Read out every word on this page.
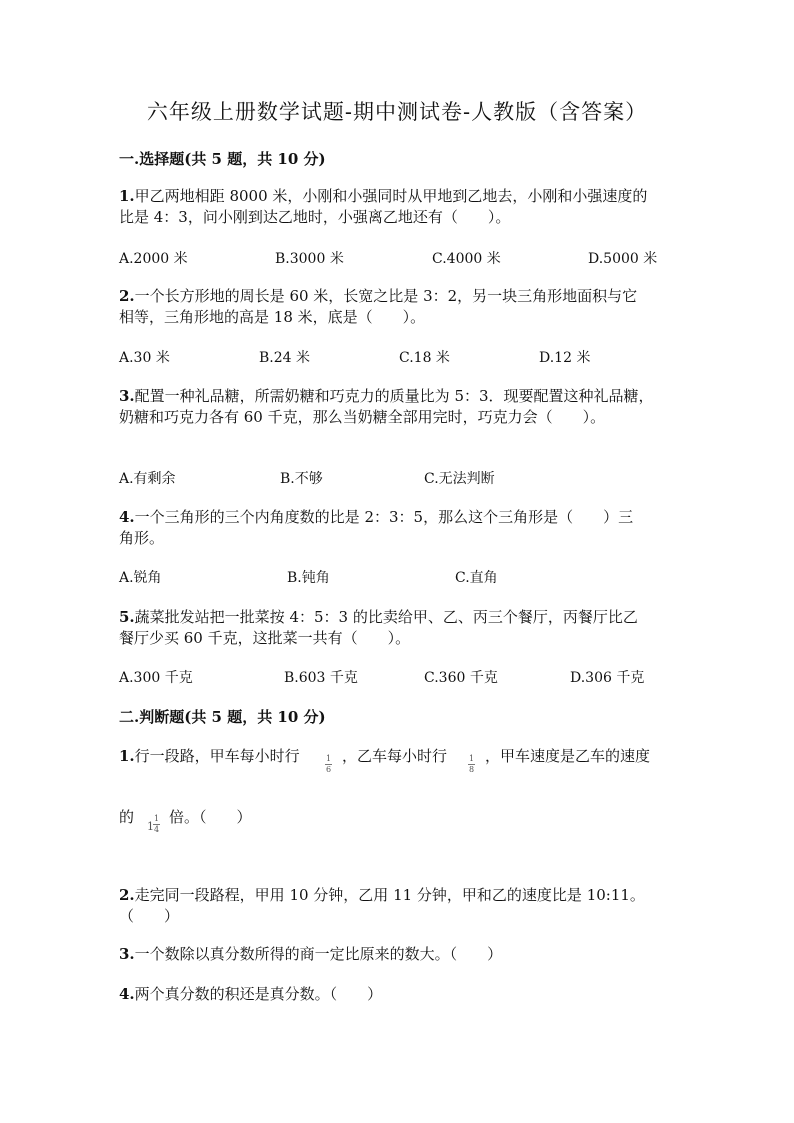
六年级上册数学试题-期中测试卷-人教版（含答案）
一.选择题(共 5 题，共 10 分)
1.甲乙两地相距 8000 米，小刚和小强同时从甲地到乙地去，小刚和小强速度的
比是 4：3，问小刚到达乙地时，小强离乙地还有（　　）。
A.2000 米	B.3000 米	C.4000 米	D.5000 米
2.一个长方形地的周长是 60 米，长宽之比是 3：2，另一块三角形地面积与它
相等，三角形地的高是 18 米，底是（　　）。
A.30 米	B.24 米	C.18 米	D.12 米
3.配置一种礼品糖，所需奶糖和巧克力的质量比为 5：3．现要配置这种礼品糖，
奶糖和巧克力各有 60 千克，那么当奶糖全部用完时，巧克力会（　　）。
A.有剩余	B.不够	C.无法判断
4.一个三角形的三个内角度数的比是 2：3：5，那么这个三角形是（　　）三
角形。
A.锐角	B.钝角	C.直角
5.蔬菜批发站把一批菜按 4：5：3 的比卖给甲、乙、丙三个餐厅，丙餐厅比乙
餐厅少买 60 千克，这批菜一共有（　　）。
A.300 千克	B.603 千克	C.360 千克	D.306 千克
二.判断题(共 5 题，共 10 分)
1.行一段路，甲车每小时行	$\frac{1}{6}$ ，乙车每小时行	$\frac{1}{8}$ ，甲车速度是乙车的速度
的
$1 \frac{1}{4}$ 倍。（　　）
2.走完同一段路程，甲用 10 分钟，乙用 11 分钟，甲和乙的速度比是 10:11。
（　　）
3.一个数除以真分数所得的商一定比原来的数大。（　　）
4.两个真分数的积还是真分数。（　　）
